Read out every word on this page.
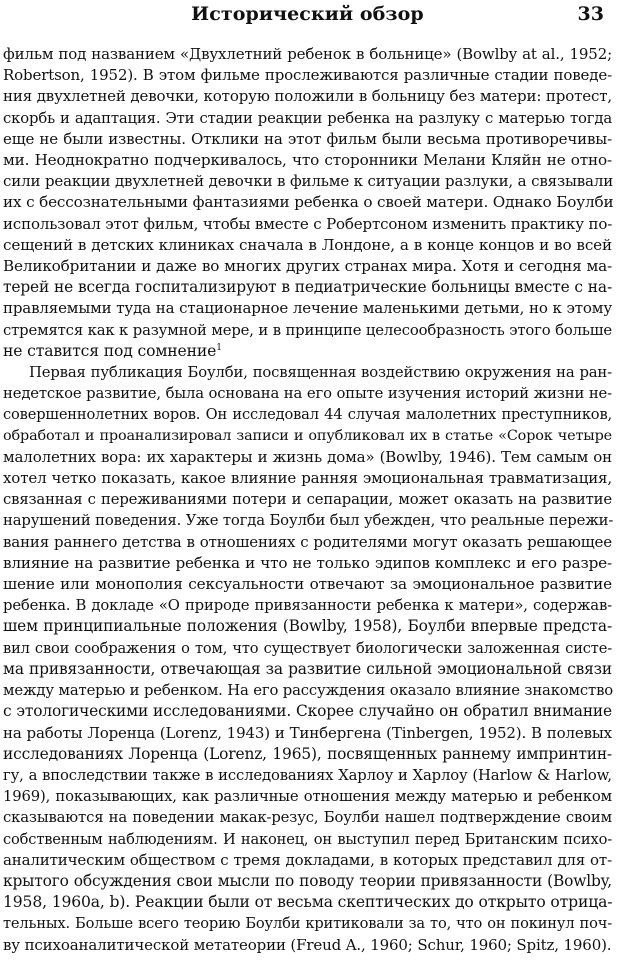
Исторический обзор	33

фильм под названием «Двухлетний ребенок в больнице» (Bowlby at al., 1952;
Robertson, 1952). В этом фильме прослеживаются различные стадии поведе-
ния двухлетней девочки, которую положили в больницу без матери: протест,
скорбь и адаптация. Эти стадии реакции ребенка на разлуку с матерью тогда
еще не были известны. Отклики на этот фильм были весьма противоречивы-
ми. Неоднократно подчеркивалось, что сторонники Мелани Кляйн не отно-
сили реакции двухлетней девочки в фильме к ситуации разлуки, а связывали
их с бессознательными фантазиями ребенка о своей матери. Однако Боулби
использовал этот фильм, чтобы вместе с Робертсоном изменить практику по-
сещений в детских клиниках сначала в Лондоне, а в конце концов и во всей
Великобритании и даже во многих других странах мира. Хотя и сегодня ма-
терей не всегда госпитализируют в педиатрические больницы вместе с на-
правляемыми туда на стационарное лечение маленькими детьми, но к этому
стремятся как к разумной мере, и в принципе целесообразность этого больше
не ставится под сомнение$^1$

Первая публикация Боулби, посвященная воздействию окружения на ран-
недетское развитие, была основана на его опыте изучения историй жизни не-
совершеннолетних воров. Он исследовал 44 случая малолетних преступников,
обработал и проанализировал записи и опубликовал их в статье «Сорок четыре
малолетних вора: их характеры и жизнь дома» (Bowlby, 1946). Тем самым он
хотел четко показать, какое влияние ранняя эмоциональная травматизация,
связанная с переживаниями потери и сепарации, может оказать на развитие
нарушений поведения. Уже тогда Боулби был убежден, что реальные пережи-
вания раннего детства в отношениях с родителями могут оказать решающее
влияние на развитие ребенка и что не только эдипов комплекс и его разре-
шение или монополия сексуальности отвечают за эмоциональное развитие
ребенка. В докладе «О природе привязанности ребенка к матери», содержав-
шем принципиальные положения (Bowlby, 1958), Боулби впервые предста-
вил свои соображения о том, что существует биологически заложенная систе-
ма привязанности, отвечающая за развитие сильной эмоциональной связи
между матерью и ребенком. На его рассуждения оказало влияние знакомство
с этологическими исследованиями. Скорее случайно он обратил внимание
на работы Лоренца (Lorenz, 1943) и Тинбергена (Tinbergen, 1952). В полевых
исследованиях Лоренца (Lorenz, 1965), посвященных раннему импринтин-
гу, а впоследствии также в исследованиях Харлоу и Харлоу (Harlow & Harlow,
1969), показывающих, как различные отношения между матерью и ребенком
сказываются на поведении макак-резус, Боулби нашел подтверждение своим
собственным наблюдениям. И наконец, он выступил перед Британским психо-
аналитическим обществом с тремя докладами, в которых представил для от-
крытого обсуждения свои мысли по поводу теории привязанности (Bowlby,
1958, 1960a, b). Реакции были от весьма скептических до открыто отрица-
тельных. Больше всего теорию Боулби критиковали за то, что он покинул поч-
ву психоаналитической метатеории (Freud A., 1960; Schur, 1960; Spitz, 1960).
